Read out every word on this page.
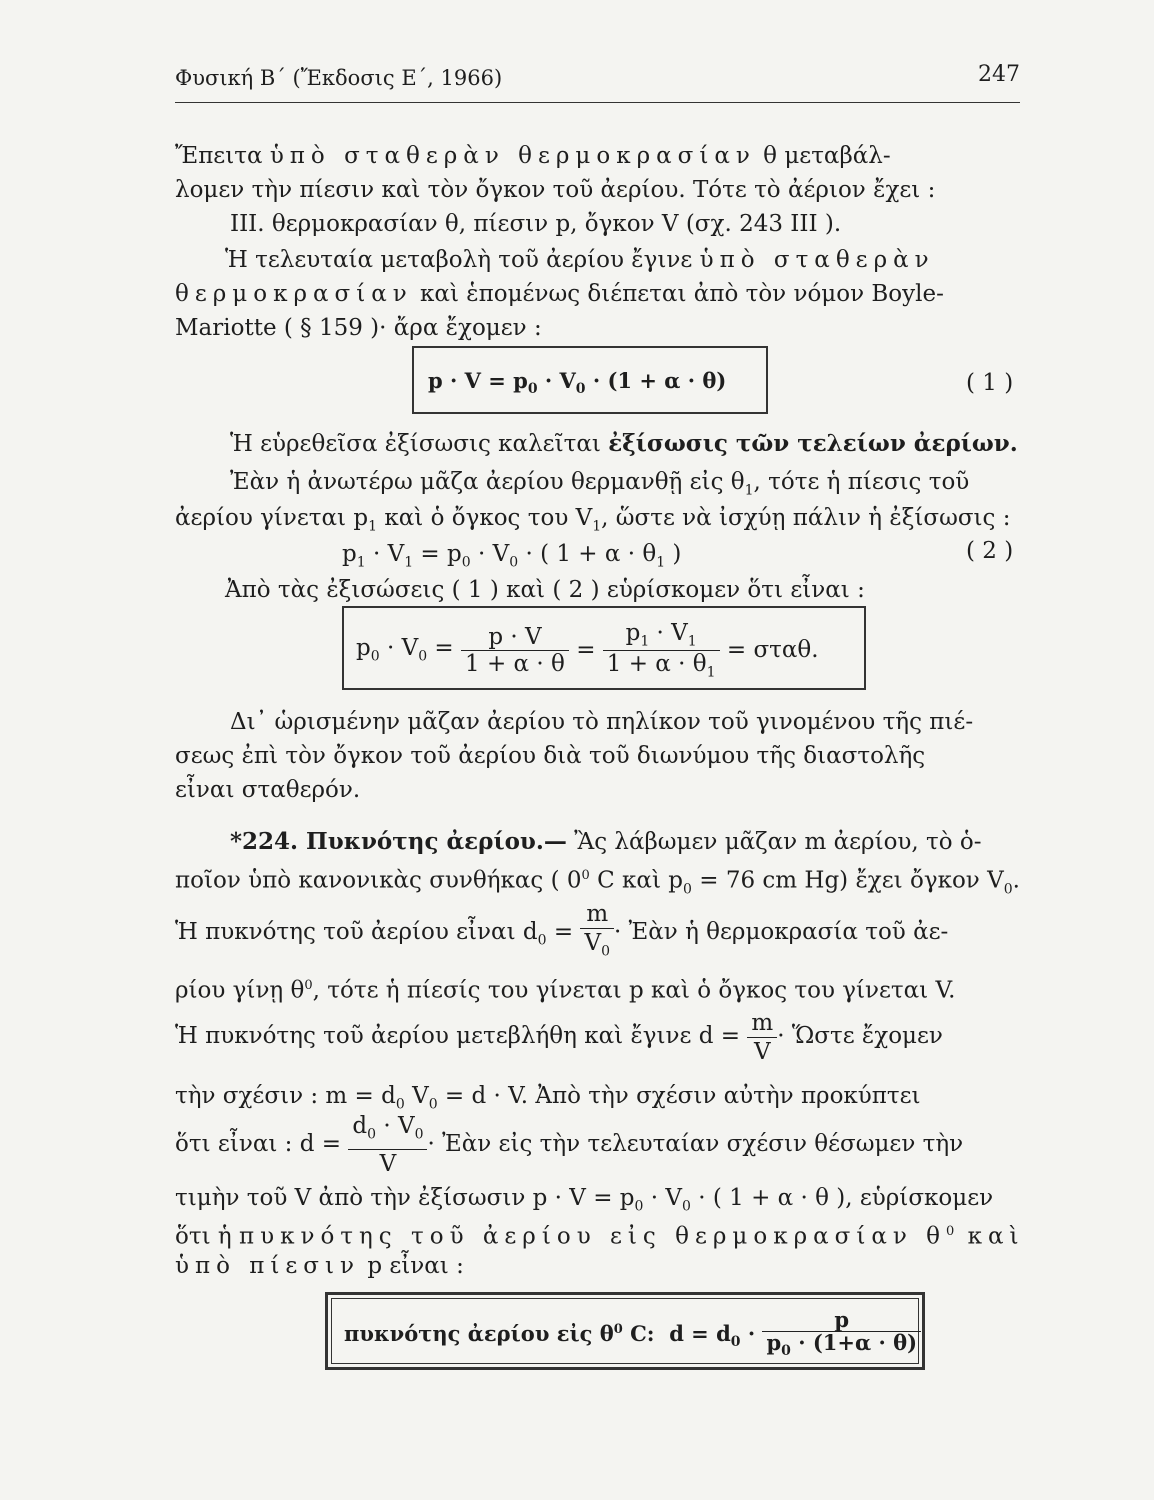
Φυσική Β΄ (Ἔκδοσις Ε΄, 1966)	247
Ἔπειτα ὑπὸ σταθερὰν θερμοκρασίαν θ μεταβάλ-
λομεν τὴν πίεσιν καὶ τὸν ὄγκον τοῦ ἀερίου. Τότε τὸ ἀέριον ἔχει :
III. θερμοκρασίαν θ, πίεσιν p, ὄγκον V (σχ. 243 III ).
Ἡ τελευταία μεταβολὴ τοῦ ἀερίου ἔγινε ὑπὸ σταθερὰν
θερμοκρασίαν καὶ ἑπομένως διέπεται ἀπὸ τὸν νόμον Boyle-
Mariotte ( § 159 )· ἄρα ἔχομεν :
$p \cdot V = p_0 \cdot V_0 \cdot (1 + \alpha \cdot \theta)$	( 1 )
Ἡ εὑρεθεῖσα ἐξίσωσις καλεῖται ἐξίσωσις τῶν τελείων ἀερίων.
Ἐὰν ἡ ἀνωτέρω μᾶζα ἀερίου θερμανθῇ εἰς $\theta_1$, τότε ἡ πίεσις τοῦ
ἀερίου γίνεται $p_1$ καὶ ὁ ὄγκος του $V_1$, ὥστε νὰ ἰσχύῃ πάλιν ἡ ἐξίσωσις :
$p_1 \cdot V_1 = p_0 \cdot V_0$ · ( $1 + \alpha \cdot \theta_1$ )	( 2 )
Ἀπὸ τὰς ἐξισώσεις ( 1 ) καὶ ( 2 ) εὑρίσκομεν ὅτι εἶναι :
$p_0 \cdot V_0 = \frac{p \cdot V}{1 + \alpha \cdot \theta} = \frac{p_1 \cdot V_1}{1 + \alpha \cdot \theta_1} = \sigma\tau\alpha\theta$.
Δι᾽ ὡρισμένην μᾶζαν ἀερίου τὸ πηλίκον τοῦ γινομένου τῆς πιέ-
σεως ἐπὶ τὸν ὄγκον τοῦ ἀερίου διὰ τοῦ διωνύμου τῆς διαστολῆς
εἶναι σταθερόν.
*224. Πυκνότης ἀερίου.— Ἂς λάβωμεν μᾶζαν m ἀερίου, τὸ ὁ-
ποῖον ὑπὸ κανονικὰς συνθήκας ( $0^0$ C καὶ $p_0 = 76$ cm Hg) ἔχει ὄγκον $V_0$.
Ἡ πυκνότης τοῦ ἀερίου εἶναι $d_0 = \frac{m}{V_0}$ · Ἐὰν ἡ θερμοκρασία τοῦ ἀε-
ρίου γίνῃ $\theta^0$, τότε ἡ πίεσίς του γίνεται p καὶ ὁ ὄγκος του γίνεται V.
Ἡ πυκνότης τοῦ ἀερίου μετεβλήθη καὶ ἔγινε $d = \frac{m}{V}$ · Ὥστε ἔχομεν
τὴν σχέσιν : $m = d_0$ $V_0 = d \cdot V$. Ἀπὸ τὴν σχέσιν αὐτὴν προκύπτει
ὅτι εἶναι : $d = \frac{d_0 \cdot V_0}{V}$ · Ἐὰν εἰς τὴν τελευταίαν σχέσιν θέσωμεν τὴν
τιμὴν τοῦ V ἀπὸ τὴν ἐξίσωσιν $p \cdot V = p_0 \cdot V_0$ · ( 1 + α · θ ), εὑρίσκομεν
ὅτι ἡ πυκνότης τοῦ ἀερίου εἰς θερμοκρασίαν $\theta^0$ καὶ
ὑπὸ πίεσιν p εἶναι :
πυκνότης ἀερίου εἰς $\theta^0$ C: $d = d_0 \cdot \frac{p}{p_0 \cdot (1+\alpha \cdot \theta)}$
